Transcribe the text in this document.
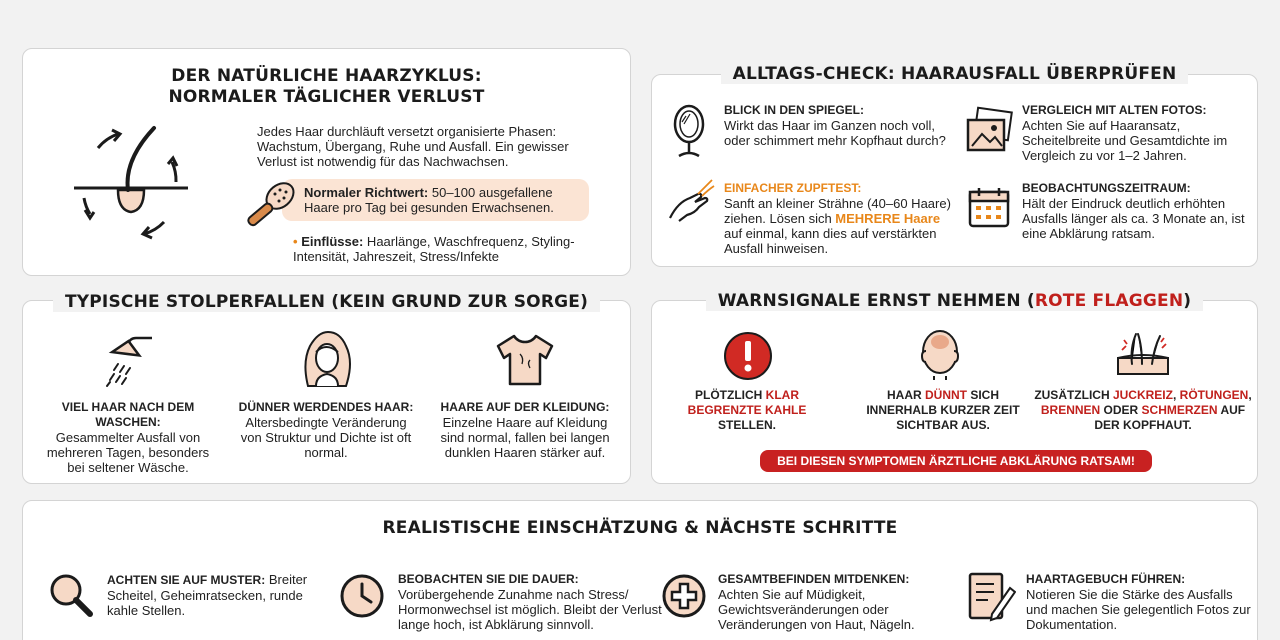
DER NATÜRLICHE HAARZYKLUS:
NORMALER TÄGLICHER VERLUST
Jedes Haar durchläuft versetzt organisierte Phasen: Wachstum, Übergang, Ruhe und Ausfall. Ein gewisser Verlust ist notwendig für das Nachwachsen.
Normaler Richtwert: 50–100 ausgefallene Haare pro Tag bei gesunden Erwachsenen.
• Einflüsse: Haarlänge, Waschfrequenz, Styling-Intensität, Jahreszeit, Stress/Infekte
ALLTAGS-CHECK: HAARAUSFALL ÜBERPRÜFEN
BLICK IN DEN SPIEGEL:
Wirkt das Haar im Ganzen noch voll, oder schimmert mehr Kopfhaut durch?
VERGLEICH MIT ALTEN FOTOS:
Achten Sie auf Haaransatz, Scheitelbreite und Gesamtdichte im Vergleich zu vor 1–2 Jahren.
EINFACHER ZUPFTEST:
Sanft an kleiner Strähne (40–60 Haare) ziehen. Lösen sich MEHRERE Haare auf einmal, kann dies auf verstärkten Ausfall hinweisen.
BEOBACHTUNGSZEITRAUM:
Hält der Eindruck deutlich erhöhten Ausfalls länger als ca. 3 Monate an, ist eine Abklärung ratsam.
TYPISCHE STOLPERFALLEN (KEIN GRUND ZUR SORGE)
VIEL HAAR NACH DEM WASCHEN:
Gesammelter Ausfall von mehreren Tagen, besonders bei seltener Wäsche.
DÜNNER WERDENDES HAAR:
Altersbedingte Veränderung von Struktur und Dichte ist oft normal.
HAARE AUF DER KLEIDUNG:
Einzelne Haare auf Kleidung sind normal, fallen bei langen dunklen Haaren stärker auf.
WARNSIGNALE ERNST NEHMEN (ROTE FLAGGEN)
PLÖTZLICH KLAR BEGRENZTE KAHLE STELLEN.
HAAR DÜNNT SICH INNERHALB KURZER ZEIT SICHTBAR AUS.
ZUSÄTZLICH JUCKREIZ, RÖTUNGEN, BRENNEN ODER SCHMERZEN AUF DER KOPFHAUT.
BEI DIESEN SYMPTOMEN ÄRZTLICHE ABKLÄRUNG RATSAM!
REALISTISCHE EINSCHÄTZUNG & NÄCHSTE SCHRITTE
ACHTEN SIE AUF MUSTER: Breiter Scheitel, Geheimratsecken, runde kahle Stellen.
BEOBACHTEN SIE DIE DAUER:
Vorübergehende Zunahme nach Stress/ Hormonwechsel ist möglich. Bleibt der Verlust lange hoch, ist Abklärung sinnvoll.
GESAMTBEFINDEN MITDENKEN:
Achten Sie auf Müdigkeit, Gewichtsveränderungen oder Veränderungen von Haut, Nägeln.
HAARTAGEBUCH FÜHREN:
Notieren Sie die Stärke des Ausfalls und machen Sie gelegentlich Fotos zur Dokumentation.
